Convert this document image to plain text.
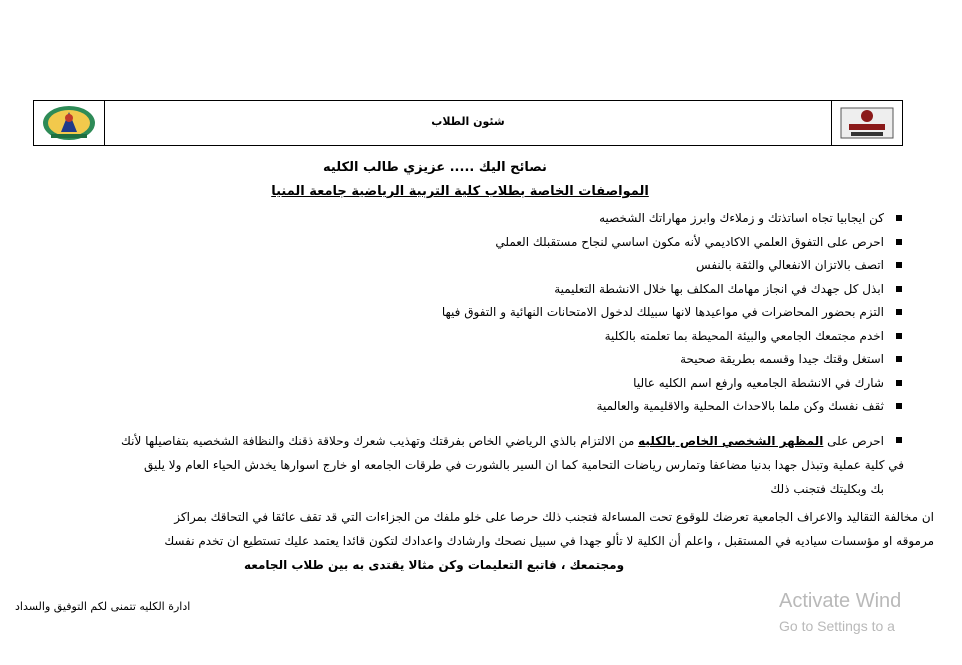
شئون الطلاب
نصائح اليك ..... عزيزي طالب الكليه
المواصفات الخاصة بطلاب كلية التربية الرياضية جامعة المنيا
كن ايجابيا تجاه اساتذتك و زملاءك وابرز مهاراتك الشخصيه
احرص على التفوق العلمي الاكاديمي لأنه مكون اساسي لنجاح مستقبلك العملي
اتصف بالاتزان الانفعالي والثقة بالنفس
ابذل كل جهدك في انجاز مهامك المكلف بها خلال الانشطة التعليمية
التزم بحضور المحاضرات في مواعيدها لانها سبيلك لدخول الامتحانات النهائية و التفوق فيها
اخدم مجتمعك الجامعي والبيئة المحيطة بما تعلمته بالكلية
استغل وقتك جيدا وقسمه بطريقة صحيحة
شارك في الانشطة الجامعيه وارفع اسم الكليه عاليا
ثقف نفسك وكن ملما بالاحداث المحلية والاقليمية والعالمية
احرص على المظهر الشخصي الخاص بالكليه من الالتزام بالذي الرياضي الخاص بفرقتك وتهذيب شعرك وحلاقة ذقنك والنظافة الشخصيه بتفاصيلها لأنك
في كلية عملية وتبذل جهدا بدنيا مضاعفا وتمارس رياضات التحامية كما ان السير بالشورت في طرقات الجامعه او خارج اسوارها يخدش الحياء العام ولا يليق
بك وبكليتك فتجنب ذلك
ان مخالفة التقاليد والاعراف الجامعية تعرضك للوقوع تحت المساءلة فتجنب ذلك حرصا على خلو ملفك من الجزاءات التي قد تقف عائقا في التحاقك بمراكز
مرموقه او مؤسسات سياديه في المستقبل ، واعلم أن الكلية لا تألو جهدا في سبيل نصحك وارشادك واعدادك لتكون قائدا يعتمد عليك تستطيع ان تخدم نفسك
ومجتمعك ، فاتبع التعليمات وكن مثالا يقتدى به بين طلاب الجامعه
ادارة الكليه تتمنى لكم التوفيق والسداد	Activate Wind
Go to Settings to a
